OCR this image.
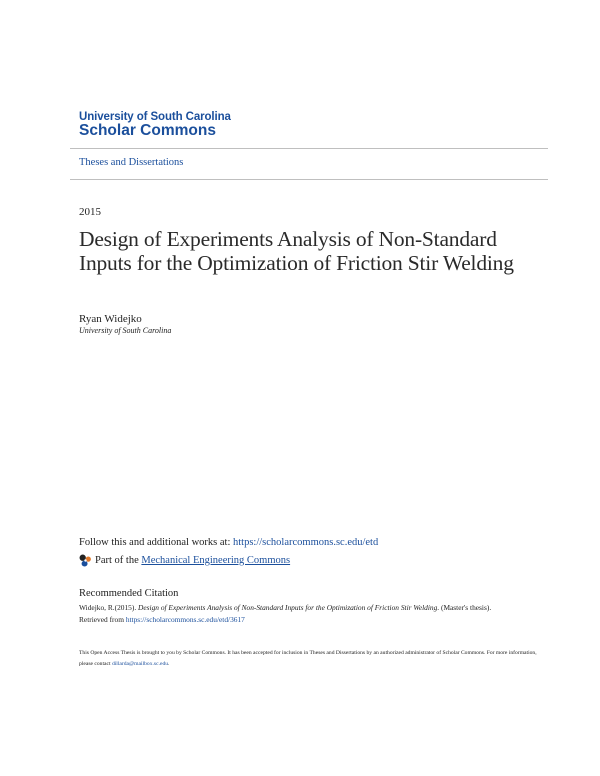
University of South Carolina
Scholar Commons
Theses and Dissertations
2015
Design of Experiments Analysis of Non-Standard Inputs for the Optimization of Friction Stir Welding
Ryan Widejko
University of South Carolina
Follow this and additional works at: https://scholarcommons.sc.edu/etd
Part of the
Mechanical Engineering Commons
Recommended Citation
Widejko, R.(2015). Design of Experiments Analysis of Non-Standard Inputs for the Optimization of Friction Stir Welding. (Master's thesis).
Retrieved from https://scholarcommons.sc.edu/etd/3617
This Open Access Thesis is brought to you by Scholar Commons. It has been accepted for inclusion in Theses and Dissertations by an authorized administrator of Scholar Commons. For more information, please contact dillarda@mailbox.sc.edu.
